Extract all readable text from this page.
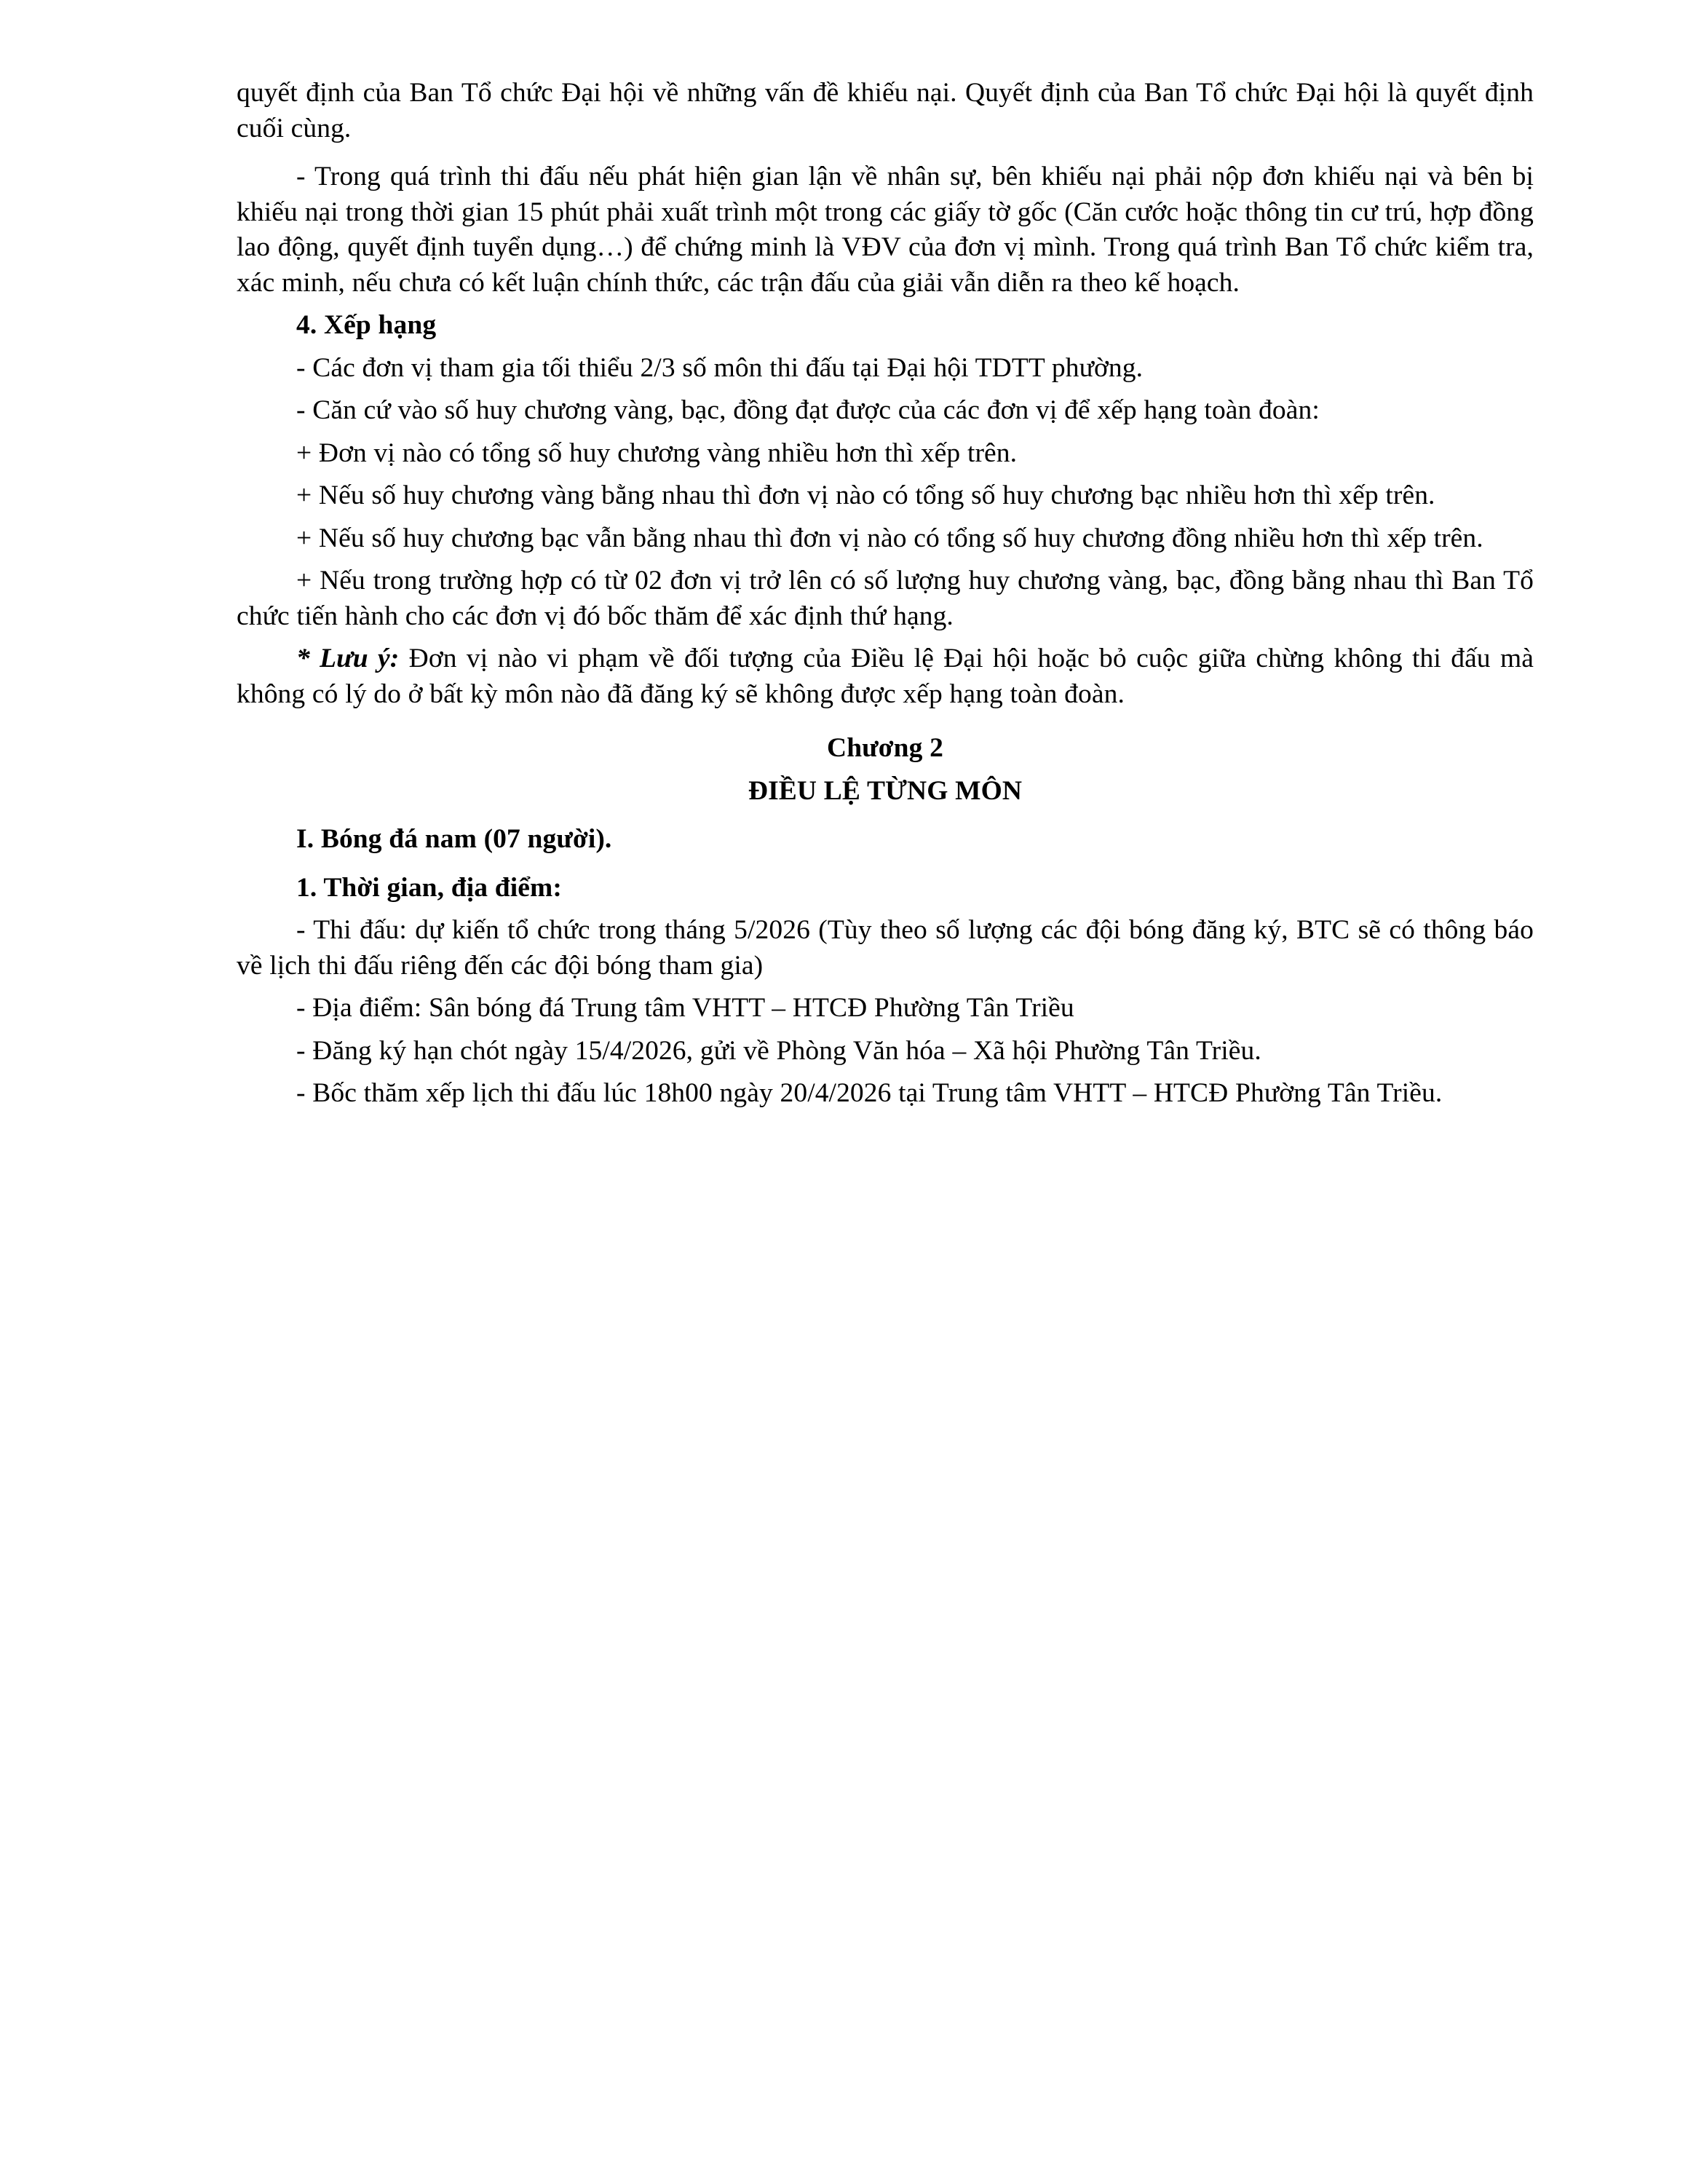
quyết định của Ban Tổ chức Đại hội về những vấn đề khiếu nại. Quyết định của Ban Tổ chức Đại hội là quyết định cuối cùng.

- Trong quá trình thi đấu nếu phát hiện gian lận về nhân sự, bên khiếu nại phải nộp đơn khiếu nại và bên bị khiếu nại trong thời gian 15 phút phải xuất trình một trong các giấy tờ gốc (Căn cước hoặc thông tin cư trú, hợp đồng lao động, quyết định tuyển dụng…) để chứng minh là VĐV của đơn vị mình. Trong quá trình Ban Tổ chức kiểm tra, xác minh, nếu chưa có kết luận chính thức, các trận đấu của giải vẫn diễn ra theo kế hoạch.

4. Xếp hạng

- Các đơn vị tham gia tối thiểu 2/3 số môn thi đấu tại Đại hội TDTT phường.

- Căn cứ vào số huy chương vàng, bạc, đồng đạt được của các đơn vị để xếp hạng toàn đoàn:

+ Đơn vị nào có tổng số huy chương vàng nhiều hơn thì xếp trên.

+ Nếu số huy chương vàng bằng nhau thì đơn vị nào có tổng số huy chương bạc nhiều hơn thì xếp trên.

+ Nếu số huy chương bạc vẫn bằng nhau thì đơn vị nào có tổng số huy chương đồng nhiều hơn thì xếp trên.

+ Nếu trong trường hợp có từ 02 đơn vị trở lên có số lượng huy chương vàng, bạc, đồng bằng nhau thì Ban Tổ chức tiến hành cho các đơn vị đó bốc thăm để xác định thứ hạng.

* Lưu ý: Đơn vị nào vi phạm về đối tượng của Điều lệ Đại hội hoặc bỏ cuộc giữa chừng không thi đấu mà không có lý do ở bất kỳ môn nào đã đăng ký sẽ không được xếp hạng toàn đoàn.

Chương 2

ĐIỀU LỆ TỪNG MÔN

I. Bóng đá nam (07 người).

1. Thời gian, địa điểm:

- Thi đấu: dự kiến tổ chức trong tháng 5/2026 (Tùy theo số lượng các đội bóng đăng ký, BTC sẽ có thông báo về lịch thi đấu riêng đến các đội bóng tham gia)

- Địa điểm: Sân bóng đá Trung tâm VHTT – HTCĐ Phường Tân Triều

- Đăng ký hạn chót ngày 15/4/2026, gửi về Phòng Văn hóa – Xã hội Phường Tân Triều.

- Bốc thăm xếp lịch thi đấu lúc 18h00 ngày 20/4/2026 tại Trung tâm VHTT – HTCĐ Phường Tân Triều.
